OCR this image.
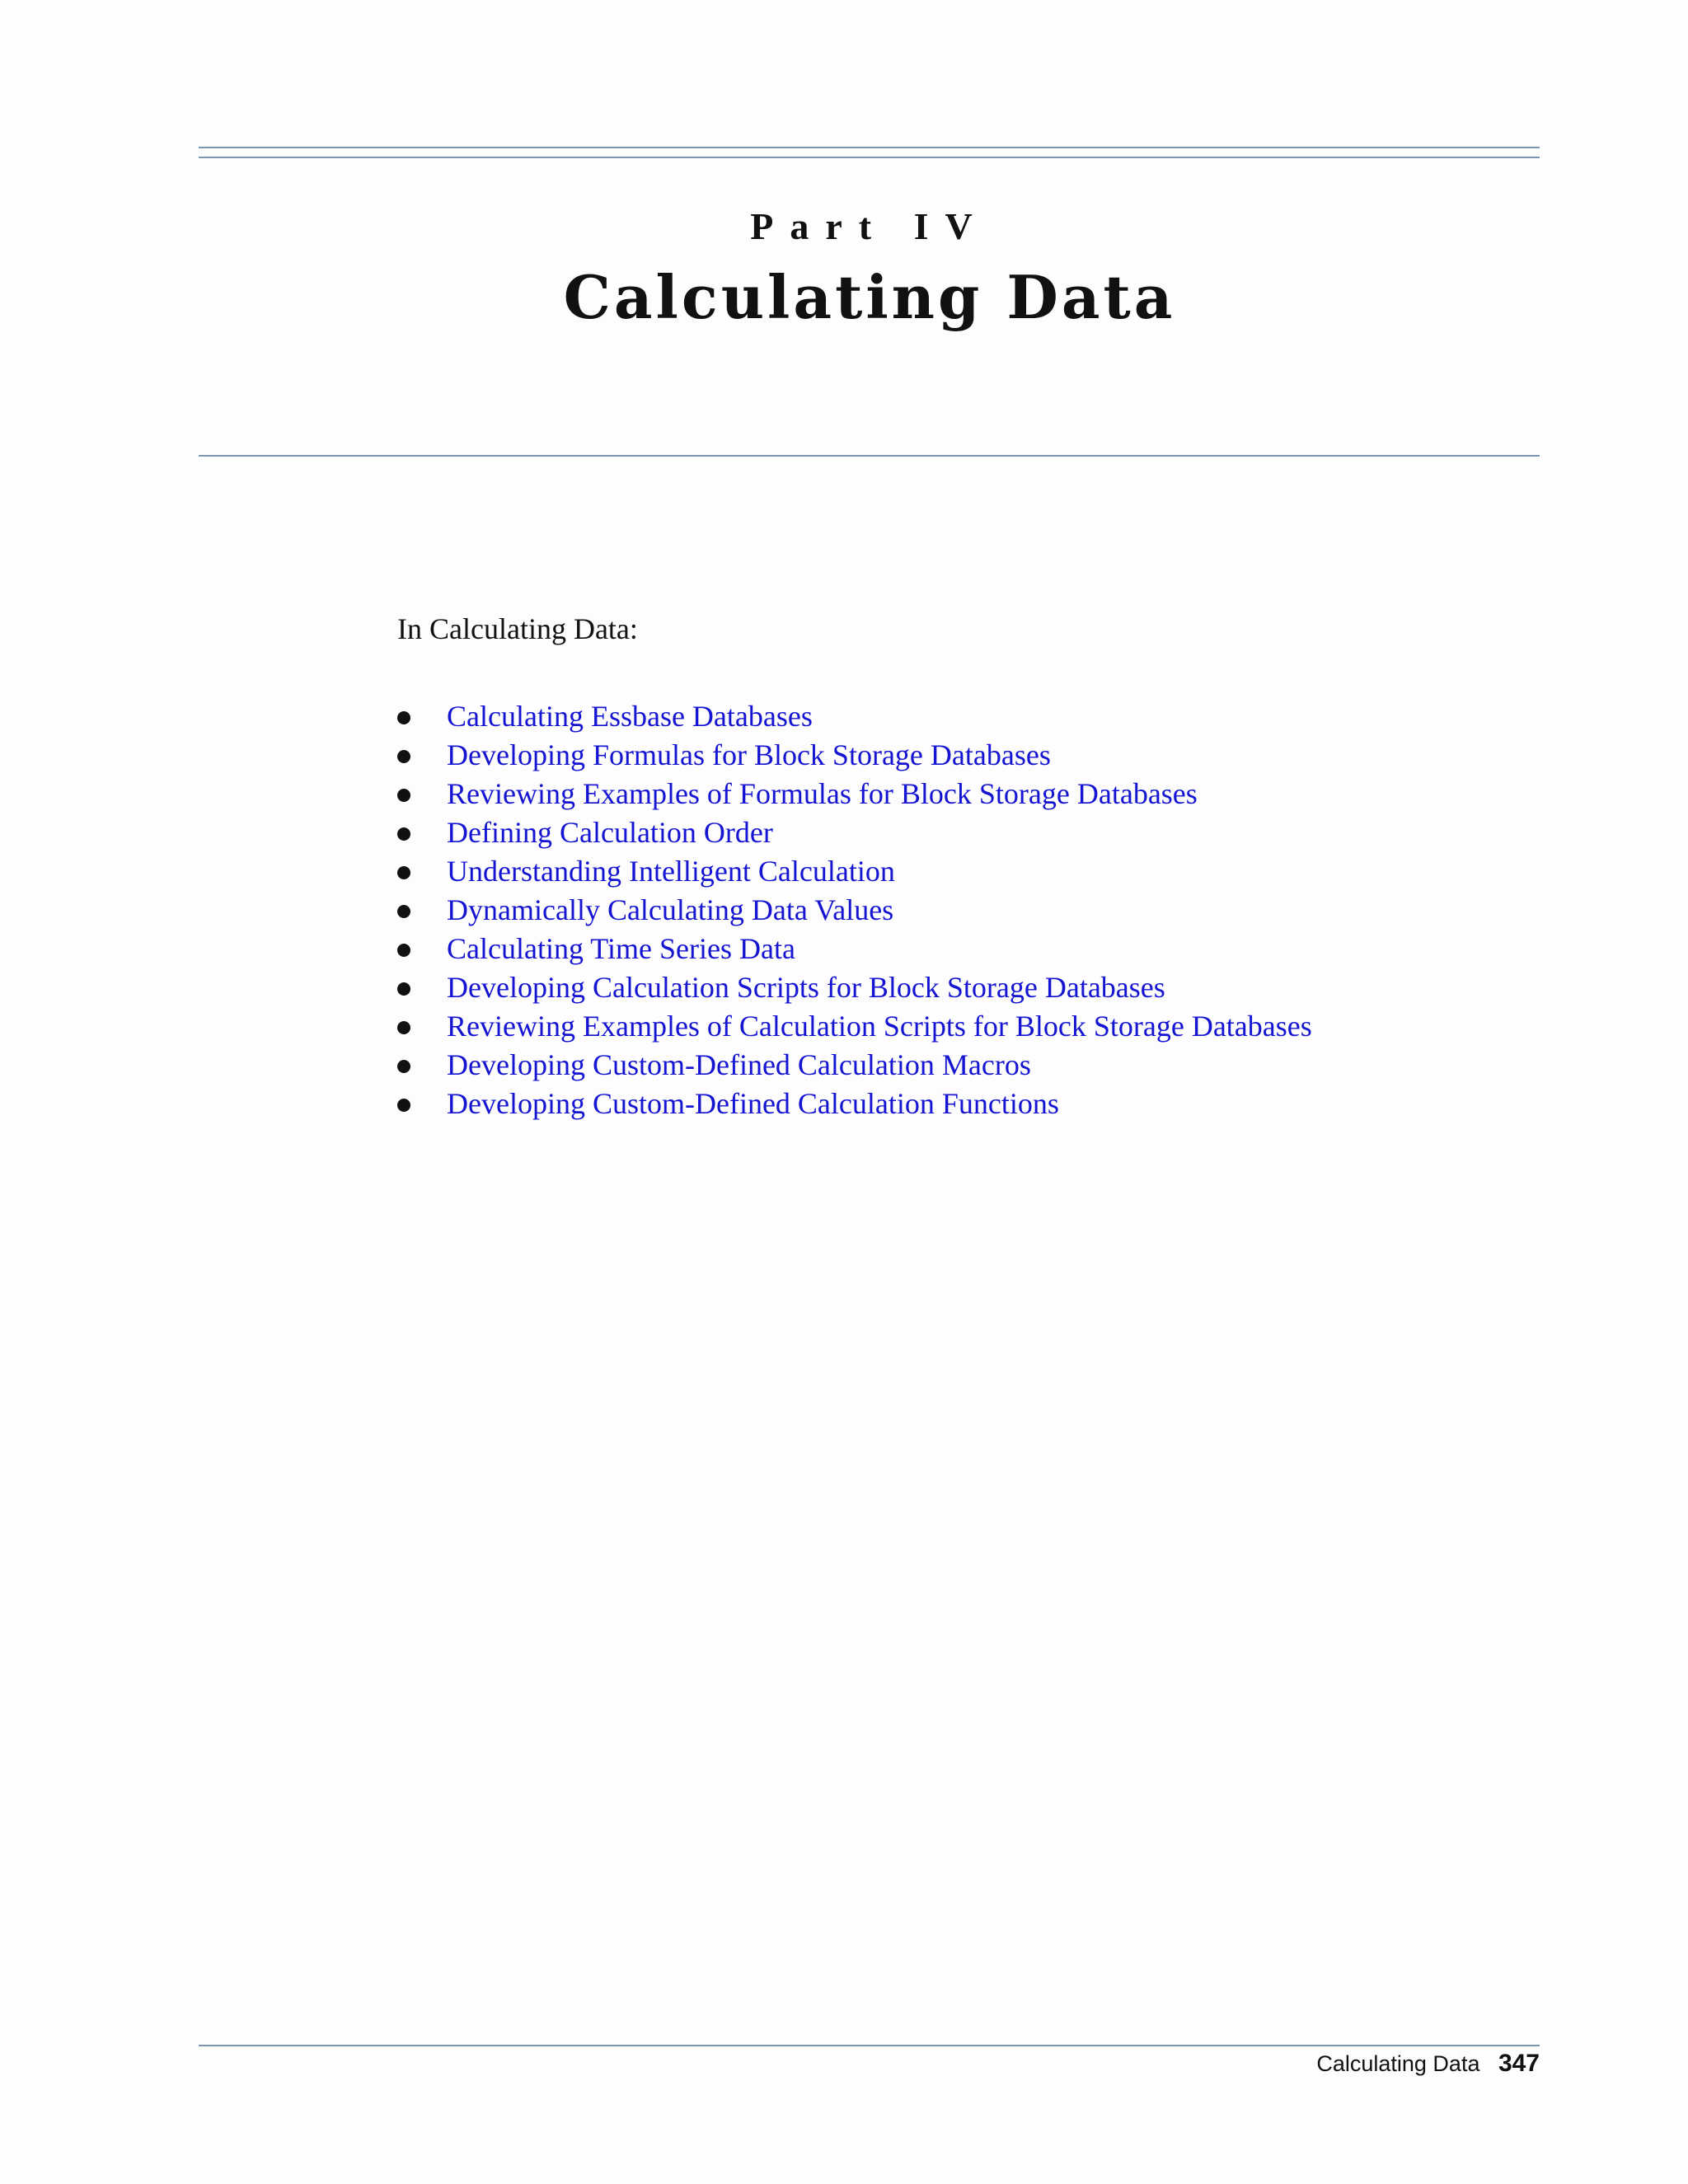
Part IV
Calculating Data

In Calculating Data:

Calculating Essbase Databases
Developing Formulas for Block Storage Databases
Reviewing Examples of Formulas for Block Storage Databases
Defining Calculation Order
Understanding Intelligent Calculation
Dynamically Calculating Data Values
Calculating Time Series Data
Developing Calculation Scripts for Block Storage Databases
Reviewing Examples of Calculation Scripts for Block Storage Databases
Developing Custom-Defined Calculation Macros
Developing Custom-Defined Calculation Functions
Calculating Data 347
